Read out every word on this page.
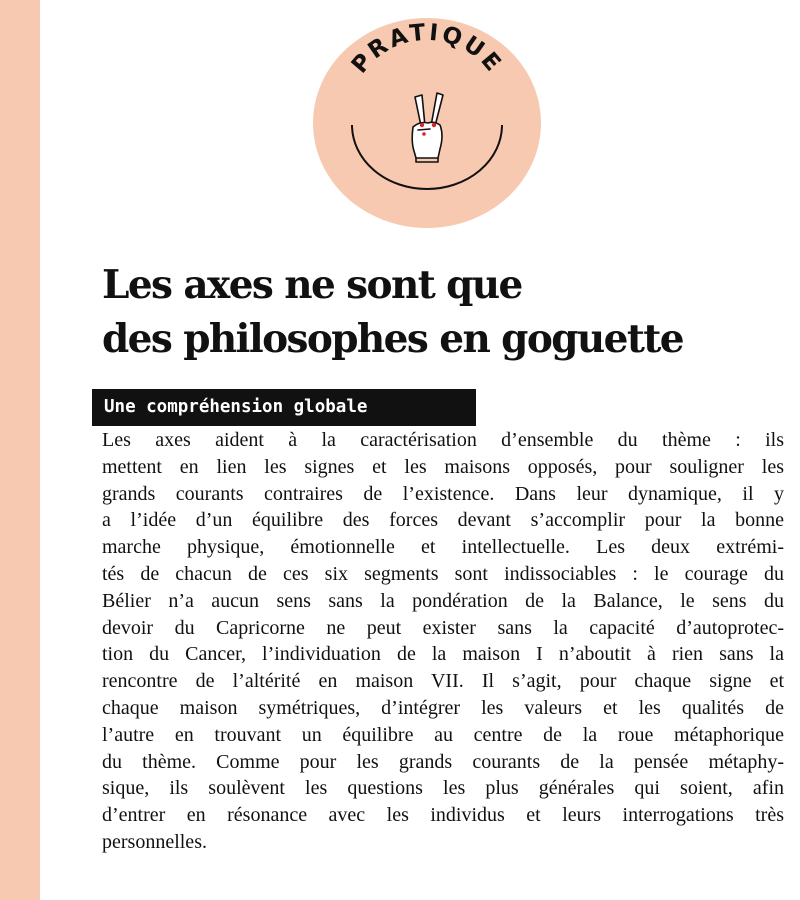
PRATIQUE
Les axes ne sont que
des philosophes en goguette
Une compréhension globale
Les axes aident à la caractérisation d’ensemble du thème : ils
mettent en lien les signes et les maisons opposés, pour souligner les
grands courants contraires de l’existence. Dans leur dynamique, il y
a l’idée d’un équilibre des forces devant s’accomplir pour la bonne
marche physique, émotionnelle et intellectuelle. Les deux extrémi-
tés de chacun de ces six segments sont indissociables : le courage du
Bélier n’a aucun sens sans la pondération de la Balance, le sens du
devoir du Capricorne ne peut exister sans la capacité d’autoprotec-
tion du Cancer, l’individuation de la maison I n’aboutit à rien sans la
rencontre de l’altérité en maison VII. Il s’agit, pour chaque signe et
chaque maison symétriques, d’intégrer les valeurs et les qualités de
l’autre en trouvant un équilibre au centre de la roue métaphorique
du thème. Comme pour les grands courants de la pensée métaphy-
sique, ils soulèvent les questions les plus générales qui soient, afin
d’entrer en résonance avec les individus et leurs interrogations très
personnelles.
